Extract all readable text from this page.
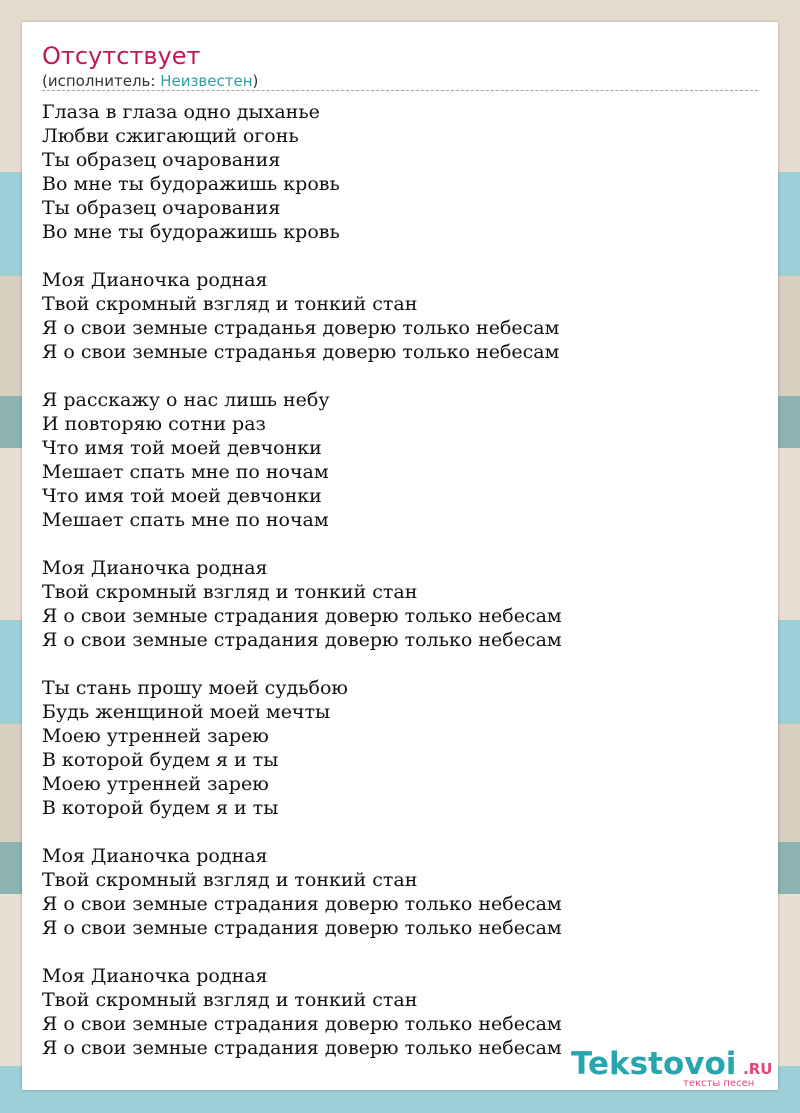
Отсутствует
(исполнитель: Неизвестен)
Глаза в глаза одно дыханье
Любви сжигающий огонь
Ты образец очарования
Во мне ты будоражишь кровь
Ты образец очарования
Во мне ты будоражишь кровь
Моя Дианочка родная
Твой скромный взгляд и тонкий стан
Я о свои земные страданья доверю только небесам
Я о свои земные страданья доверю только небесам
Я расскажу о нас лишь небу
И повторяю сотни раз
Что имя той моей девчонки
Мешает спать мне по ночам
Что имя той моей девчонки
Мешает спать мне по ночам
Моя Дианочка родная
Твой скромный взгляд и тонкий стан
Я о свои земные страдания доверю только небесам
Я о свои земные страдания доверю только небесам
Ты стань прошу моей судьбою
Будь женщиной моей мечты
Моею утренней зарею
В которой будем я и ты
Моею утренней зарею
В которой будем я и ты
Моя Дианочка родная
Твой скромный взгляд и тонкий стан
Я о свои земные страдания доверю только небесам
Я о свои земные страдания доверю только небесам
Моя Дианочка родная
Твой скромный взгляд и тонкий стан
Я о свои земные страдания доверю только небесам
Я о свои земные страдания доверю только небесам Tekstovoi .RU
тексты песен
